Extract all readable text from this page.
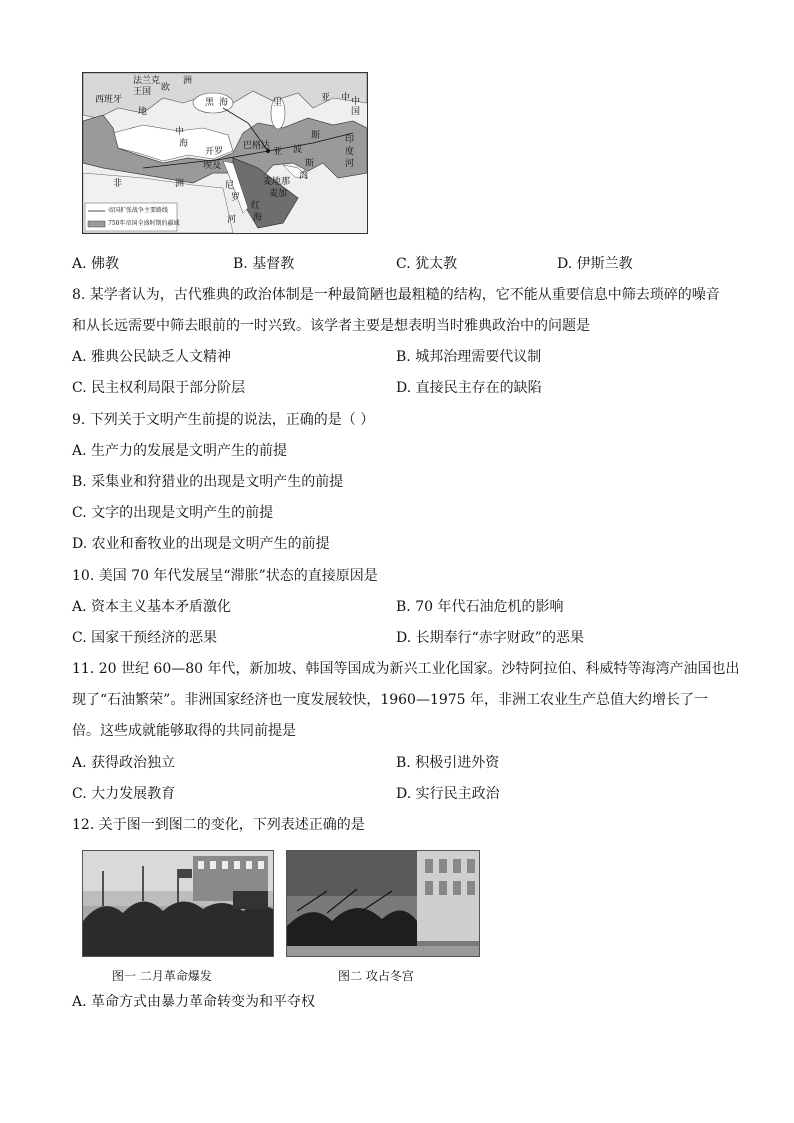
法兰克
王国 欧
洲
西班牙
地
中
黑 海	里	中
亚 中
国
海
开罗
埃及
巴格达
亚
斯	印
度
河
波
斯
湾
非	洲	尼
罗
河
麦地那
麦加
红
海
帝国扩张战争主要路线
750年帝国全盛时期的疆域
A. 佛教	B. 基督教	C. 犹太教	D. 伊斯兰教
8. 某学者认为，古代雅典的政治体制是一种最简陋也最粗糙的结构，它不能从重要信息中筛去琐碎的噪音
和从长远需要中筛去眼前的一时兴致。该学者主要是想表明当时雅典政治中的问题是
A. 雅典公民缺乏人文精神	B. 城邦治理需要代议制
C. 民主权利局限于部分阶层	D. 直接民主存在的缺陷
9. 下列关于文明产生前提的说法，正确的是（ ）
A. 生产力的发展是文明产生的前提
B. 采集业和狩猎业的出现是文明产生的前提
C. 文字的出现是文明产生的前提
D. 农业和畜牧业的出现是文明产生的前提
10. 美国 70 年代发展呈“滞胀”状态的直接原因是
A. 资本主义基本矛盾激化	B. 70 年代石油危机的影响
C. 国家干预经济的恶果	D. 长期奉行“赤字财政”的恶果
11. 20 世纪 60—80 年代，新加坡、韩国等国成为新兴工业化国家。沙特阿拉伯、科威特等海湾产油国也出
现了“石油繁荣”。非洲国家经济也一度发展较快，1960—1975 年，非洲工农业生产总值大约增长了一
倍。这些成就能够取得的共同前提是
A. 获得政治独立	B. 积极引进外资
C. 大力发展教育	D. 实行民主政治
12. 关于图一到图二的变化，下列表述正确的是
图一 二月革命爆发	图二 攻占冬宫
A. 革命方式由暴力革命转变为和平夺权
